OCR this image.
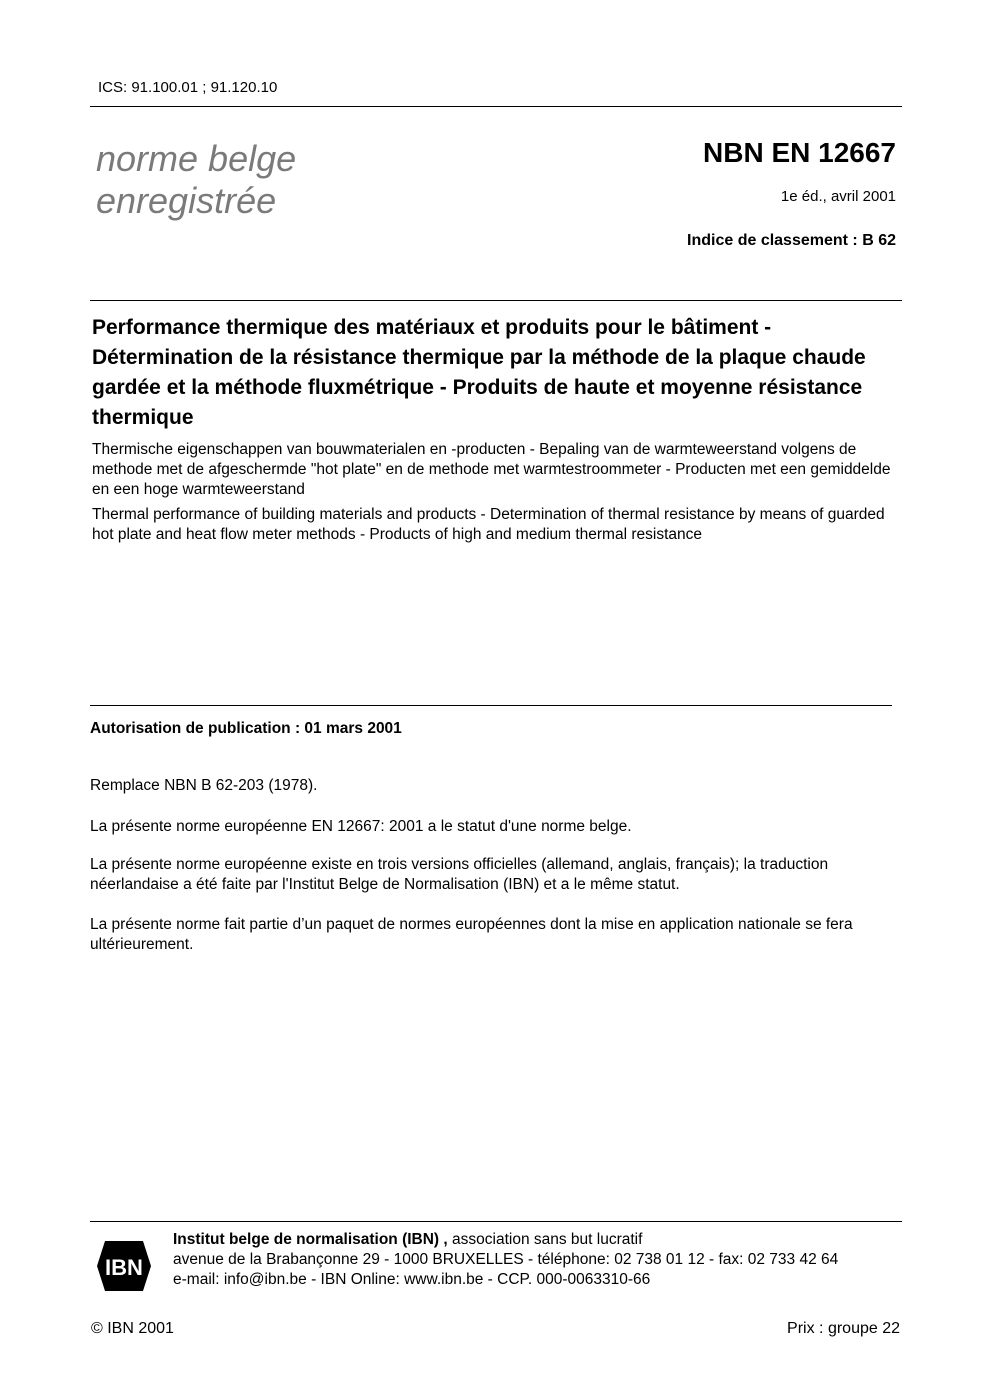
ICS: 91.100.01 ; 91.120.10
norme belge
enregistrée
NBN EN 12667
1e éd., avril 2001
Indice de classement : B 62
Performance thermique des matériaux et produits pour le bâtiment - Détermination de la résistance thermique par la méthode de la plaque chaude gardée et la méthode fluxmétrique - Produits de haute et moyenne résistance thermique
Thermische eigenschappen van bouwmaterialen en -producten - Bepaling van de warmteweerstand volgens de methode met de afgeschermde "hot plate" en de methode met warmtestroommeter - Producten met een gemiddelde en een hoge warmteweerstand
Thermal performance of building materials and products - Determination of thermal resistance by means of guarded hot plate and heat flow meter methods - Products of high and medium thermal resistance
Autorisation de publication : 01 mars 2001
Remplace NBN B 62-203 (1978).
La présente norme européenne EN 12667: 2001 a le statut d'une norme belge.
La présente norme européenne existe en trois versions officielles (allemand, anglais, français); la traduction néerlandaise a été faite par l'Institut Belge de Normalisation (IBN) et a le même statut.
La présente norme fait partie d’un paquet de normes européennes dont la mise en application nationale se fera ultérieurement.
IBN
Institut belge de normalisation (IBN) , association sans but lucratif
avenue de la Brabançonne 29 - 1000 BRUXELLES - téléphone: 02 738 01 12 - fax: 02 733 42 64
e-mail: info@ibn.be - IBN Online: www.ibn.be - CCP. 000-0063310-66
© IBN 2001	Prix : groupe 22
